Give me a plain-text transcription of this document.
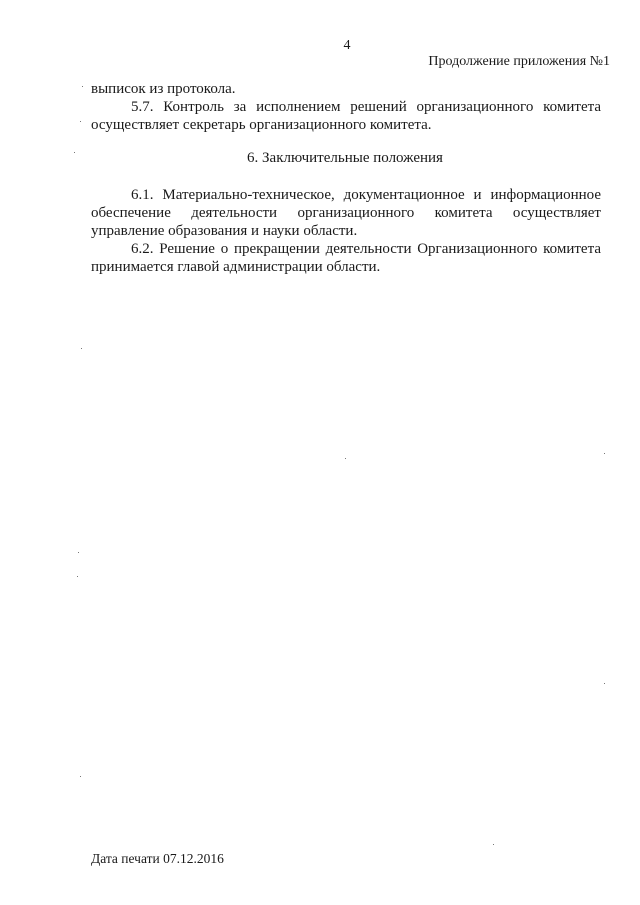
4
Продолжение приложения №1

выписок из протокола.

5.7. Контроль за исполнением решений организационного комитета
осуществляет секретарь организационного комитета.

6. Заключительные положения

6.1. Материально-техническое, документационное и информационное
обеспечение деятельности организационного комитета осуществляет
управление образования и науки области.

6.2. Решение о прекращении деятельности Организационного комитета
принимается главой администрации области.

Дата печати 07.12.2016
